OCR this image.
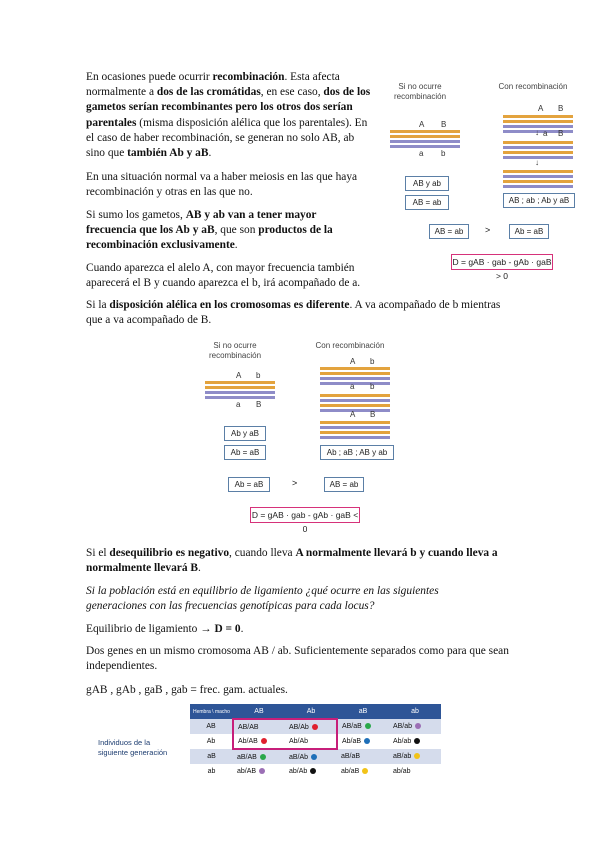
En ocasiones puede ocurrir recombinación. Esta afecta normalmente a dos de las cromátidas, en ese caso, dos de los gametos serían recombinantes pero los otros dos serían parentales (misma disposición alélica que los parentales). En el caso de haber recombinación, se generan no solo AB, ab sino que también Ab y aB.

En una situación normal va a haber meiosis en las que haya recombinación y otras en las que no.

Si sumo los gametos, AB y ab van a tener mayor frecuencia que los Ab y aB, que son productos de la recombinación exclusivamente.

Cuando aparezca el alelo A, con mayor frecuencia también aparecerá el B y cuando aparezca el b, irá acompañado de a.

Si la disposición alélica en los cromosomas es diferente. A va acompañado de b mientras que a va acompañado de B.

Si no ocurre recombinación
Con recombinación
A B
a b
A B
↓ a B
↓
AB y ab
AB = ab	AB ; ab ; Ab y aB
AB = ab	>	Ab = aB
D = gAB · gab - gAb · gaB > 0
Si no ocurre recombinación
Con recombinación
A b
a B
A b
a b
A B
Ab y aB
Ab = aB	Ab ; aB ; AB y ab
Ab = aB	>	AB = ab
D = gAB · gab - gAb · gaB < 0

Si el desequilibrio es negativo, cuando lleva A normalmente llevará b y cuando lleva a normalmente llevará B.

Si la población está en equilibrio de ligamiento ¿qué ocurre en las siguientes generaciones con las frecuencias genotípicas para cada locus?

Equilibrio de ligamiento → D = 0.

Dos genes en un mismo cromosoma AB / ab. Suficientemente separados como para que sean independientes.

gAB , gAb , gaB , gab = frec. gam. actuales.

Individuos de la siguiente generación
Hembra \ macho	AB	Ab	aB	ab
AB	AB/AB	AB/Ab	AB/aB	AB/ab
Ab	Ab/AB	Ab/Ab	Ab/aB	Ab/ab
aB	aB/AB	aB/Ab	aB/aB	aB/ab
ab	ab/AB	ab/Ab	ab/aB	ab/ab
